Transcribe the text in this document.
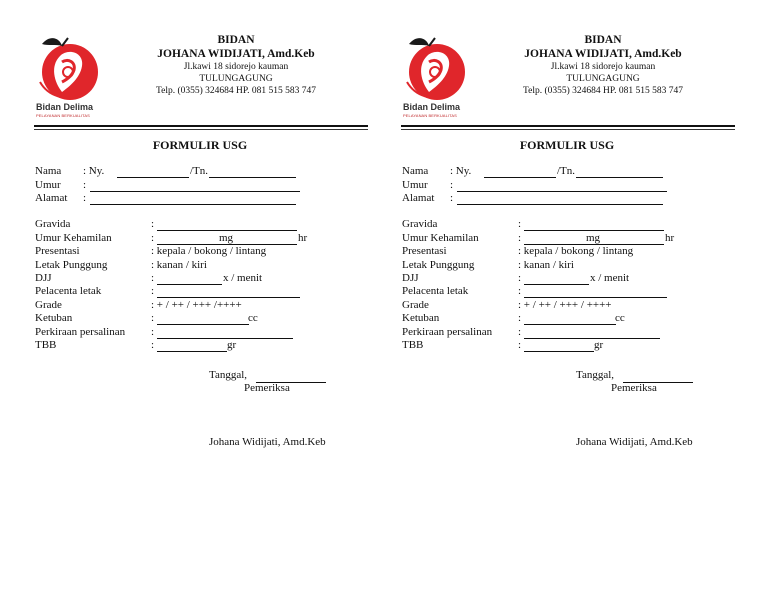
Bidan Delima
PELAYANAN BERKUALITAS
BIDAN
JOHANA WIDIJATI, Amd.Keb
Jl.kawi 18 sidorejo kauman
TULUNGAGUNG
Telp. (0355) 324684 HP. 081 515 583 747
FORMULIR USG
Nama : Ny.	/Tn.
Umur :
Alamat :
Gravida	:
Umur Kehamilan	:	mg	hr
Presentasi	: kepala / bokong / lintang
Letak Punggung	: kanan / kiri
DJJ	:	x / menit
Pelacenta letak	:
Grade	: + / ++ / +++ /++++
Ketuban	:	cc
Perkiraan persalinan :
TBB	:	gr
Tanggal,
Pemeriksa
Johana Widijati, Amd.Keb
Bidan Delima
PELAYANAN BERKUALITAS
BIDAN
JOHANA WIDIJATI, Amd.Keb
Jl.kawi 18 sidorejo kauman
TULUNGAGUNG
Telp. (0355) 324684 HP. 081 515 583 747
FORMULIR USG
Nama : Ny.	/Tn.
Umur :
Alamat :
Gravida	:
Umur Kehamilan	:	mg	hr
Presentasi	: kepala / bokong / lintang
Letak Punggung	: kanan / kiri
DJJ	:	x / menit
Pelacenta letak	:
Grade	: + / ++ / +++ / ++++
Ketuban	:	cc
Perkiraan persalinan :
TBB	:	gr
Tanggal,
Pemeriksa
Johana Widijati, Amd.Keb
